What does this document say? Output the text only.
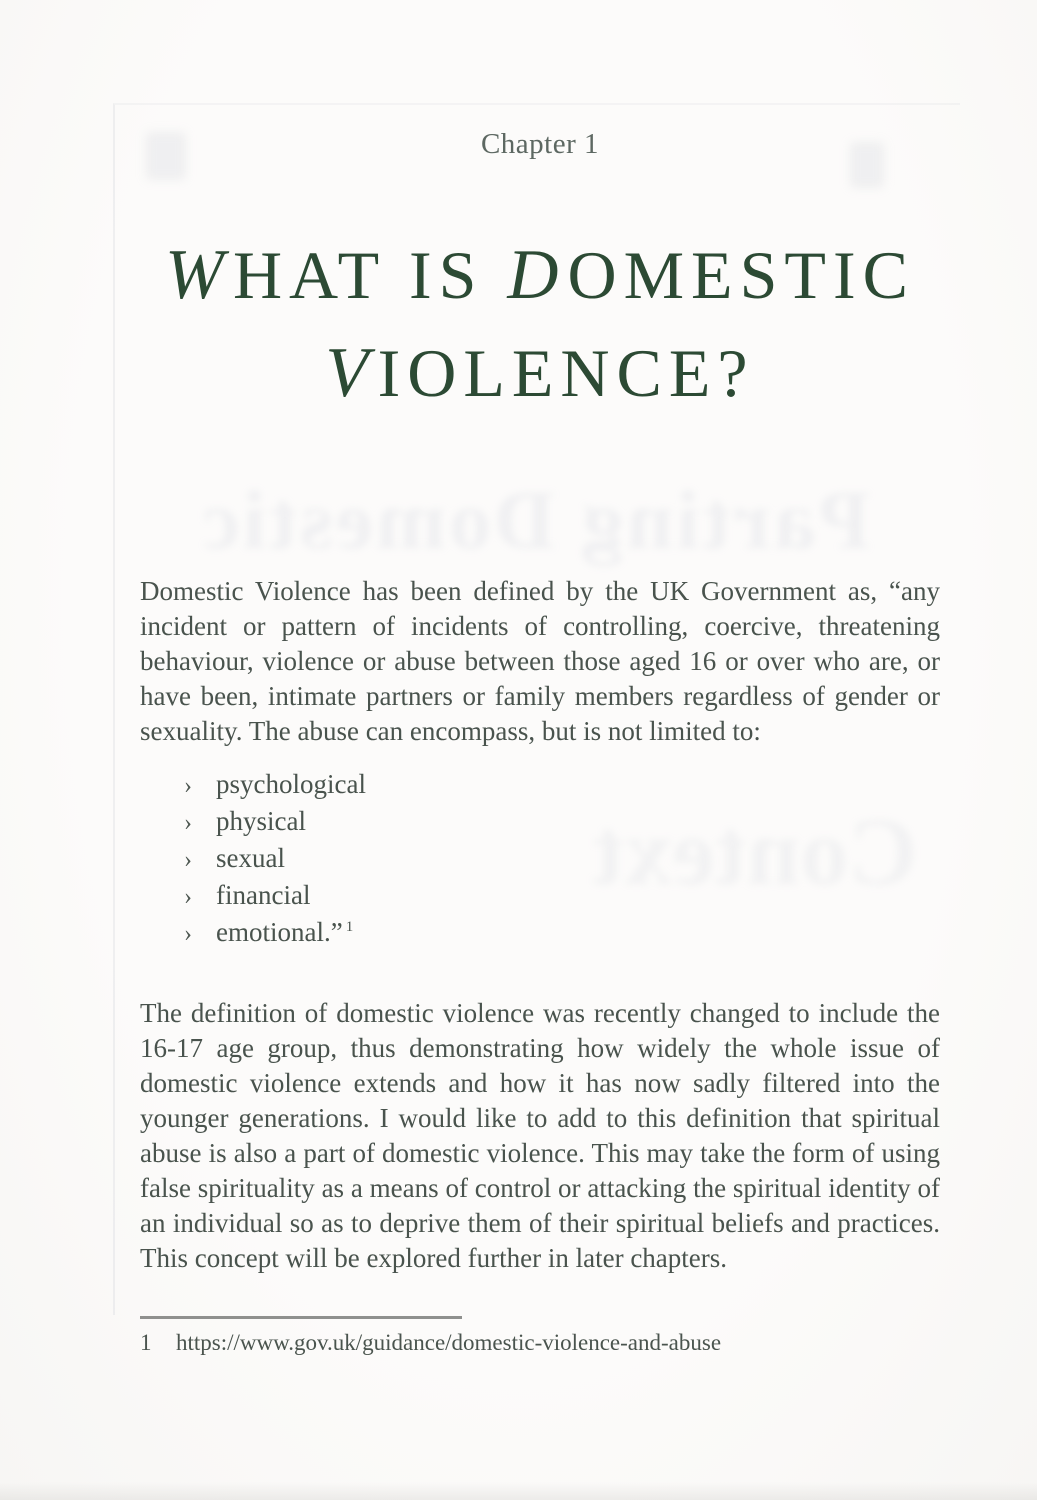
Parting Domestic
Context
Chapter 1
WHAT IS DOMESTIC
VIOLENCE?

Domestic Violence has been defined by the UK Government as, “any incident or pattern of incidents of controlling, coercive, threatening behaviour, violence or abuse between those aged 16 or over who are, or have been, intimate partners or family members regardless of gender or sexuality. The abuse can encompass, but is not limited to:

› psychological
› physical
› sexual
› financial
› emotional.” $^1$

The definition of domestic violence was recently changed to include the 16-17 age group, thus demonstrating how widely the whole issue of domestic violence extends and how it has now sadly filtered into the younger generations. I would like to add to this definition that spiritual abuse is also a part of domestic violence. This may take the form of using false spirituality as a means of control or attacking the spiritual identity of an individual so as to deprive them of their spiritual beliefs and practices. This concept will be explored further in later chapters.

1	https://www.gov.uk/guidance/domestic-violence-and-abuse
